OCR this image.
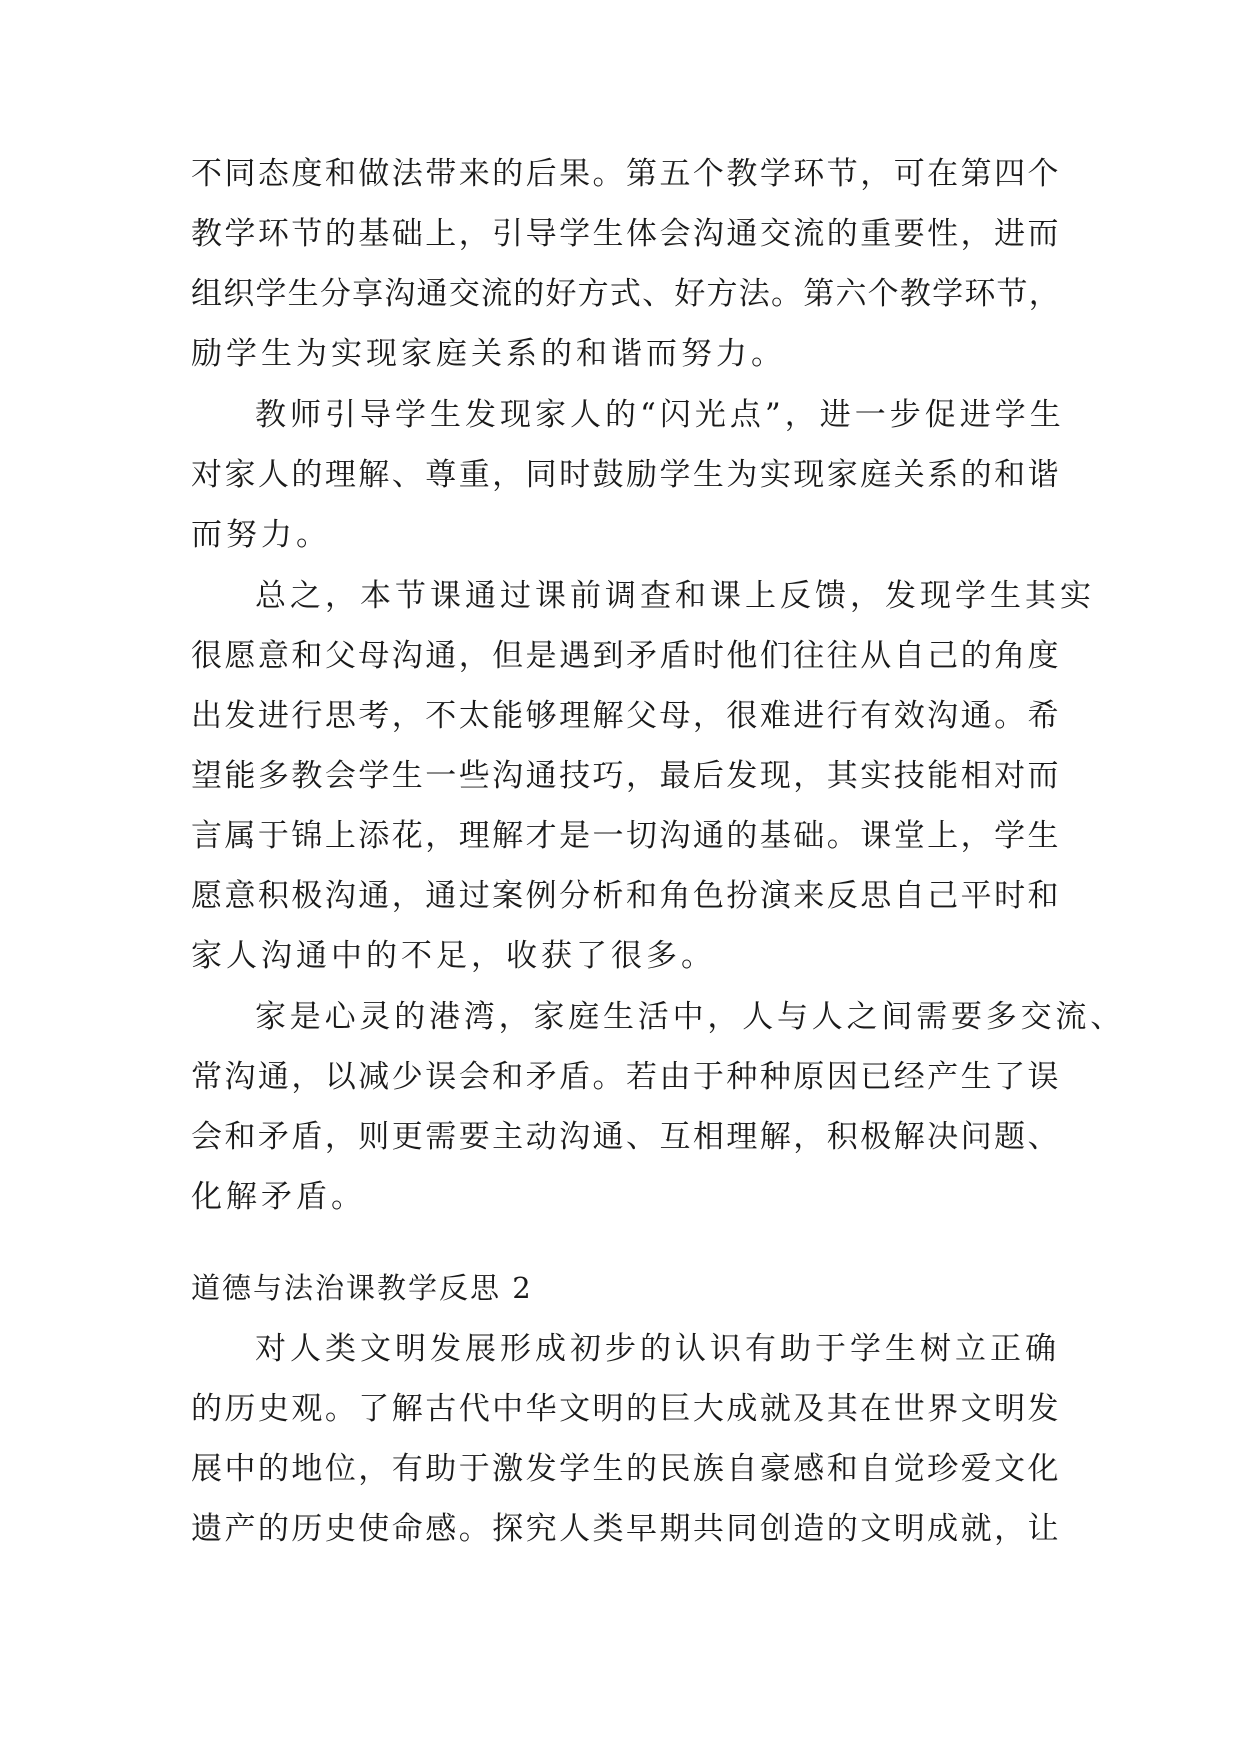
不同态度和做法带来的后果。第五个教学环节，可在第四个
教学环节的基础上，引导学生体会沟通交流的重要性，进而
组织学生分享沟通交流的好方式、好方法。第六个教学环节，
励学生为实现家庭关系的和谐而努力。
教师引导学生发现家人的“闪光点”，进一步促进学生
对家人的理解、尊重，同时鼓励学生为实现家庭关系的和谐
而努力。
总之，本节课通过课前调查和课上反馈，发现学生其实
很愿意和父母沟通，但是遇到矛盾时他们往往从自己的角度
出发进行思考，不太能够理解父母，很难进行有效沟通。希
望能多教会学生一些沟通技巧，最后发现，其实技能相对而
言属于锦上添花，理解才是一切沟通的基础。课堂上，学生
愿意积极沟通，通过案例分析和角色扮演来反思自己平时和
家人沟通中的不足，收获了很多。
家是心灵的港湾，家庭生活中，人与人之间需要多交流、
常沟通，以减少误会和矛盾。若由于种种原因已经产生了误
会和矛盾，则更需要主动沟通、互相理解，积极解决问题、
化解矛盾。
道德与法治课教学反思 2
对人类文明发展形成初步的认识有助于学生树立正确
的历史观。了解古代中华文明的巨大成就及其在世界文明发
展中的地位，有助于激发学生的民族自豪感和自觉珍爱文化
遗产的历史使命感。探究人类早期共同创造的文明成就，让
